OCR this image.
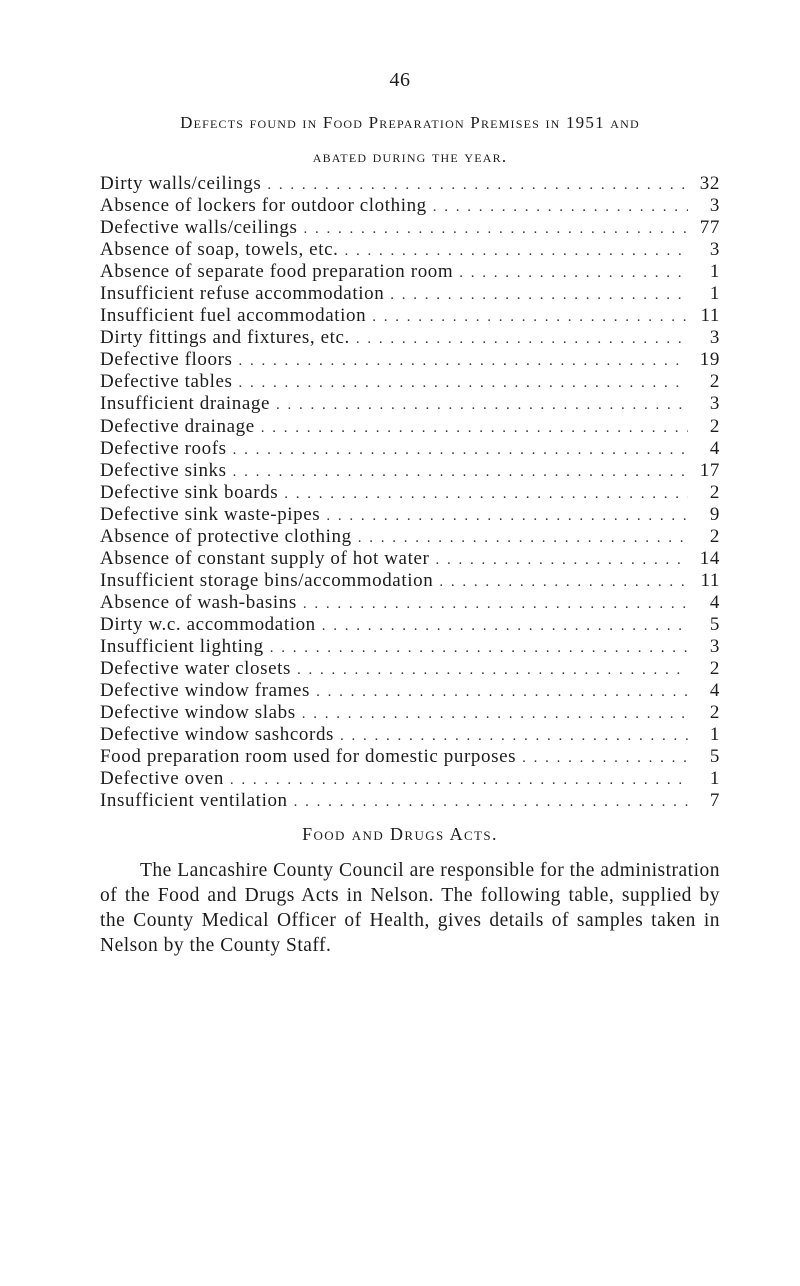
46
Defects found in Food Preparation Premises in 1951 and
abated during the year.
Dirty walls/ceilings . . .	32
Absence of lockers for outdoor clothing . . .	3
Defective walls/ceilings . . .	77
Absence of soap, towels, etc. . . .	3
Absence of separate food preparation room . . .	1
Insufficient refuse accommodation . . .	1
Insufficient fuel accommodation . . .	11
Dirty fittings and fixtures, etc. . . .	3
Defective floors . . .	19
Defective tables . . .	2
Insufficient drainage . . .	3
Defective drainage . . .	2
Defective roofs . . .	4
Defective sinks . . .	17
Defective sink boards . . .	2
Defective sink waste-pipes . . .	9
Absence of protective clothing . . .	2
Absence of constant supply of hot water . . .	14
Insufficient storage bins/accommodation . . .	11
Absence of wash-basins . . .	4
Dirty w.c. accommodation . . .	5
Insufficient lighting . . .	3
Defective water closets . . .	2
Defective window frames . . .	4
Defective window slabs . . .	2
Defective window sashcords . . .	1
Food preparation room used for domestic purposes . . .	5
Defective oven . . .	1
Insufficient ventilation . . .	7
Food and Drugs Acts.

The Lancashire County Council are responsible for the administration of the Food and Drugs Acts in Nelson. The following table, supplied by the County Medical Officer of Health, gives details of samples taken in Nelson by the County Staff.
